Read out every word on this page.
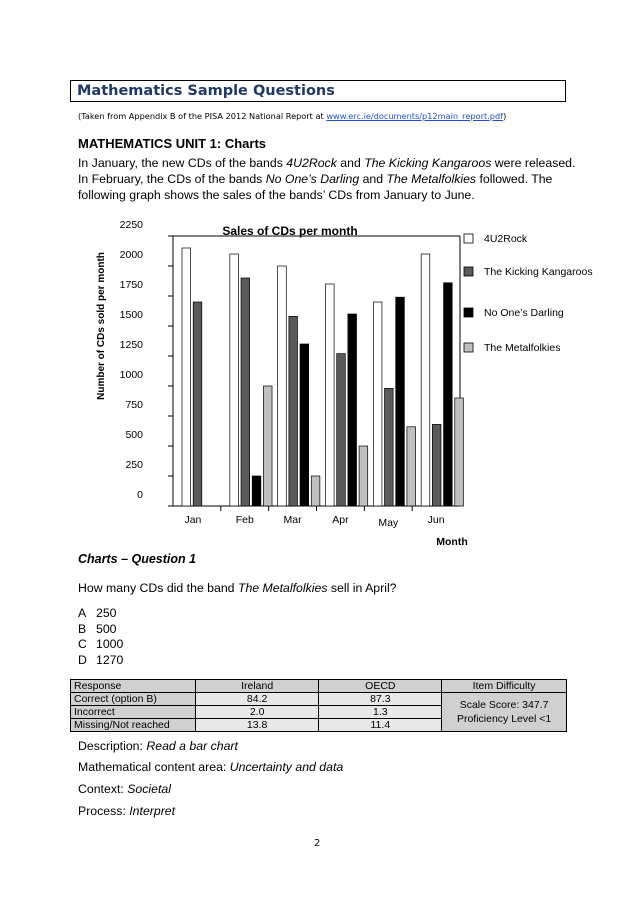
Mathematics Sample Questions
(Taken from Appendix B of the PISA 2012 National Report at www.erc.ie/documents/p12main_report.pdf)
MATHEMATICS UNIT 1: Charts
In January, the new CDs of the bands 4U2Rock and The Kicking Kangaroos were released.
In February, the CDs of the bands No One’s Darling and The Metalfolkies followed. The
following graph shows the sales of the bands’ CDs from January to June.
Sales of CDs per month
Number of CDs sold per month
Month
0
250
500
750
1000
1250
1500
1750
2000
2250
Jan	Feb	Mar	Apr	May	Jun
4U2Rock
The Kicking Kangaroos
No One’s Darling
The Metalfolkies
Charts – Question 1
How many CDs did the band The Metalfolkies sell in April?
A 250
B 500
C 1000
D 1270
Response	Ireland	OECD	Item Difficulty
Correct (option B)	84.2	87.3	Scale Score: 347.7
Proficiency Level <1

Incorrect	2.0	1.3	
Missing/Not reached	13.8	11.4	
Description: Read a bar chart
Mathematical content area: Uncertainty and data
Context: Societal
Process: Interpret
2
